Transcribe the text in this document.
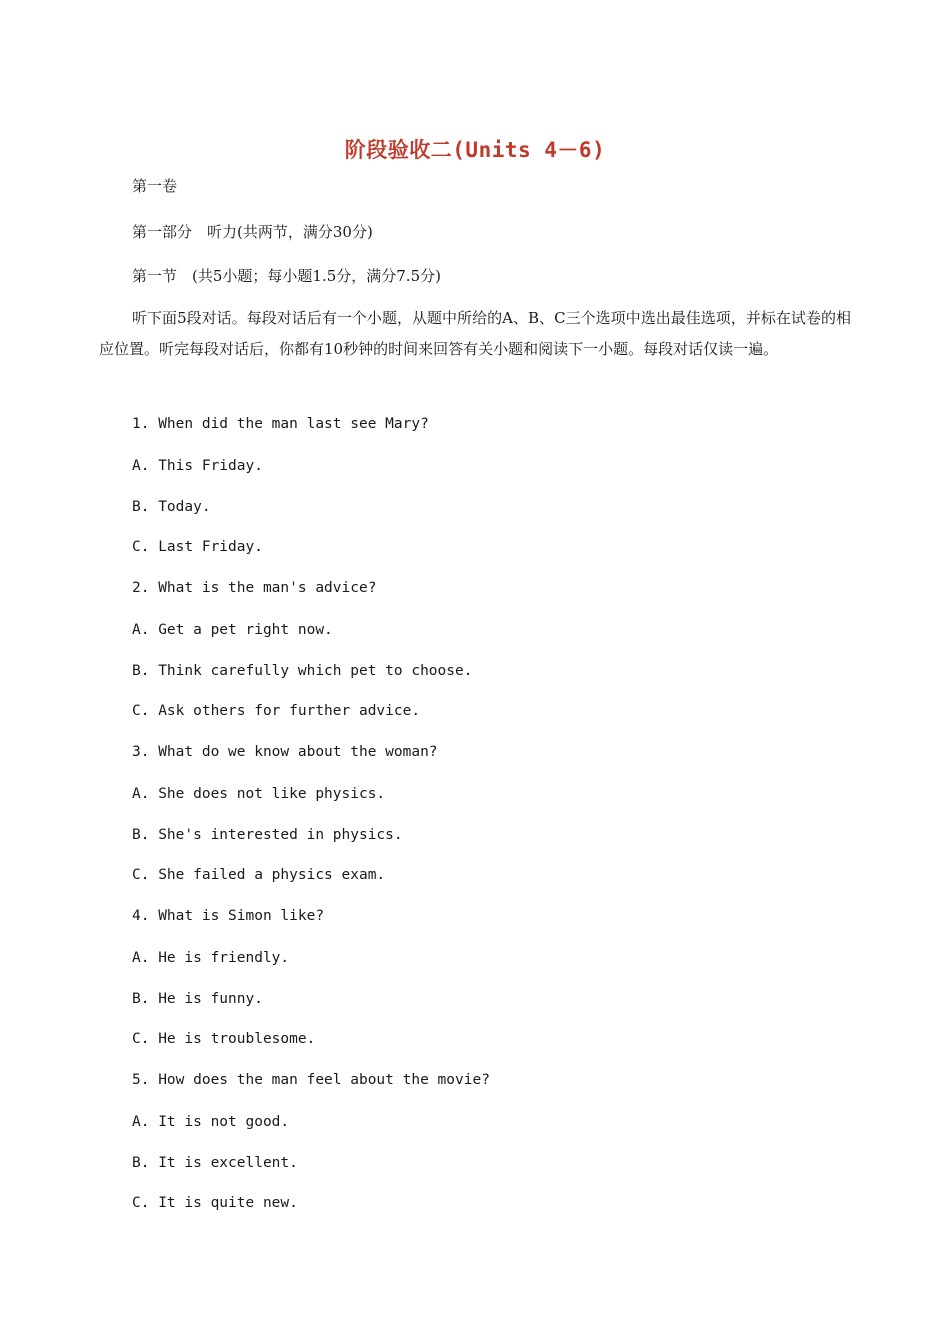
阶段验收二(Units 4－6)
第一卷
第一部分　听力(共两节，满分30分)
第一节　(共5小题；每小题1.5分，满分7.5分)
听下面5段对话。每段对话后有一个小题，从题中所给的A、B、C三个选项中选出最佳选项，并标在试卷的相应位置。听完每段对话后，你都有10秒钟的时间来回答有关小题和阅读下一小题。每段对话仅读一遍。
1. When did the man last see Mary?
A. This Friday.
B. Today.
C. Last Friday.
2. What is the man's advice?
A. Get a pet right now.
B. Think carefully which pet to choose.
C. Ask others for further advice.
3. What do we know about the woman?
A. She does not like physics.
B. She's interested in physics.
C. She failed a physics exam.
4. What is Simon like?
A. He is friendly.
B. He is funny.
C. He is troublesome.
5. How does the man feel about the movie?
A. It is not good.
B. It is excellent.
C. It is quite new.
